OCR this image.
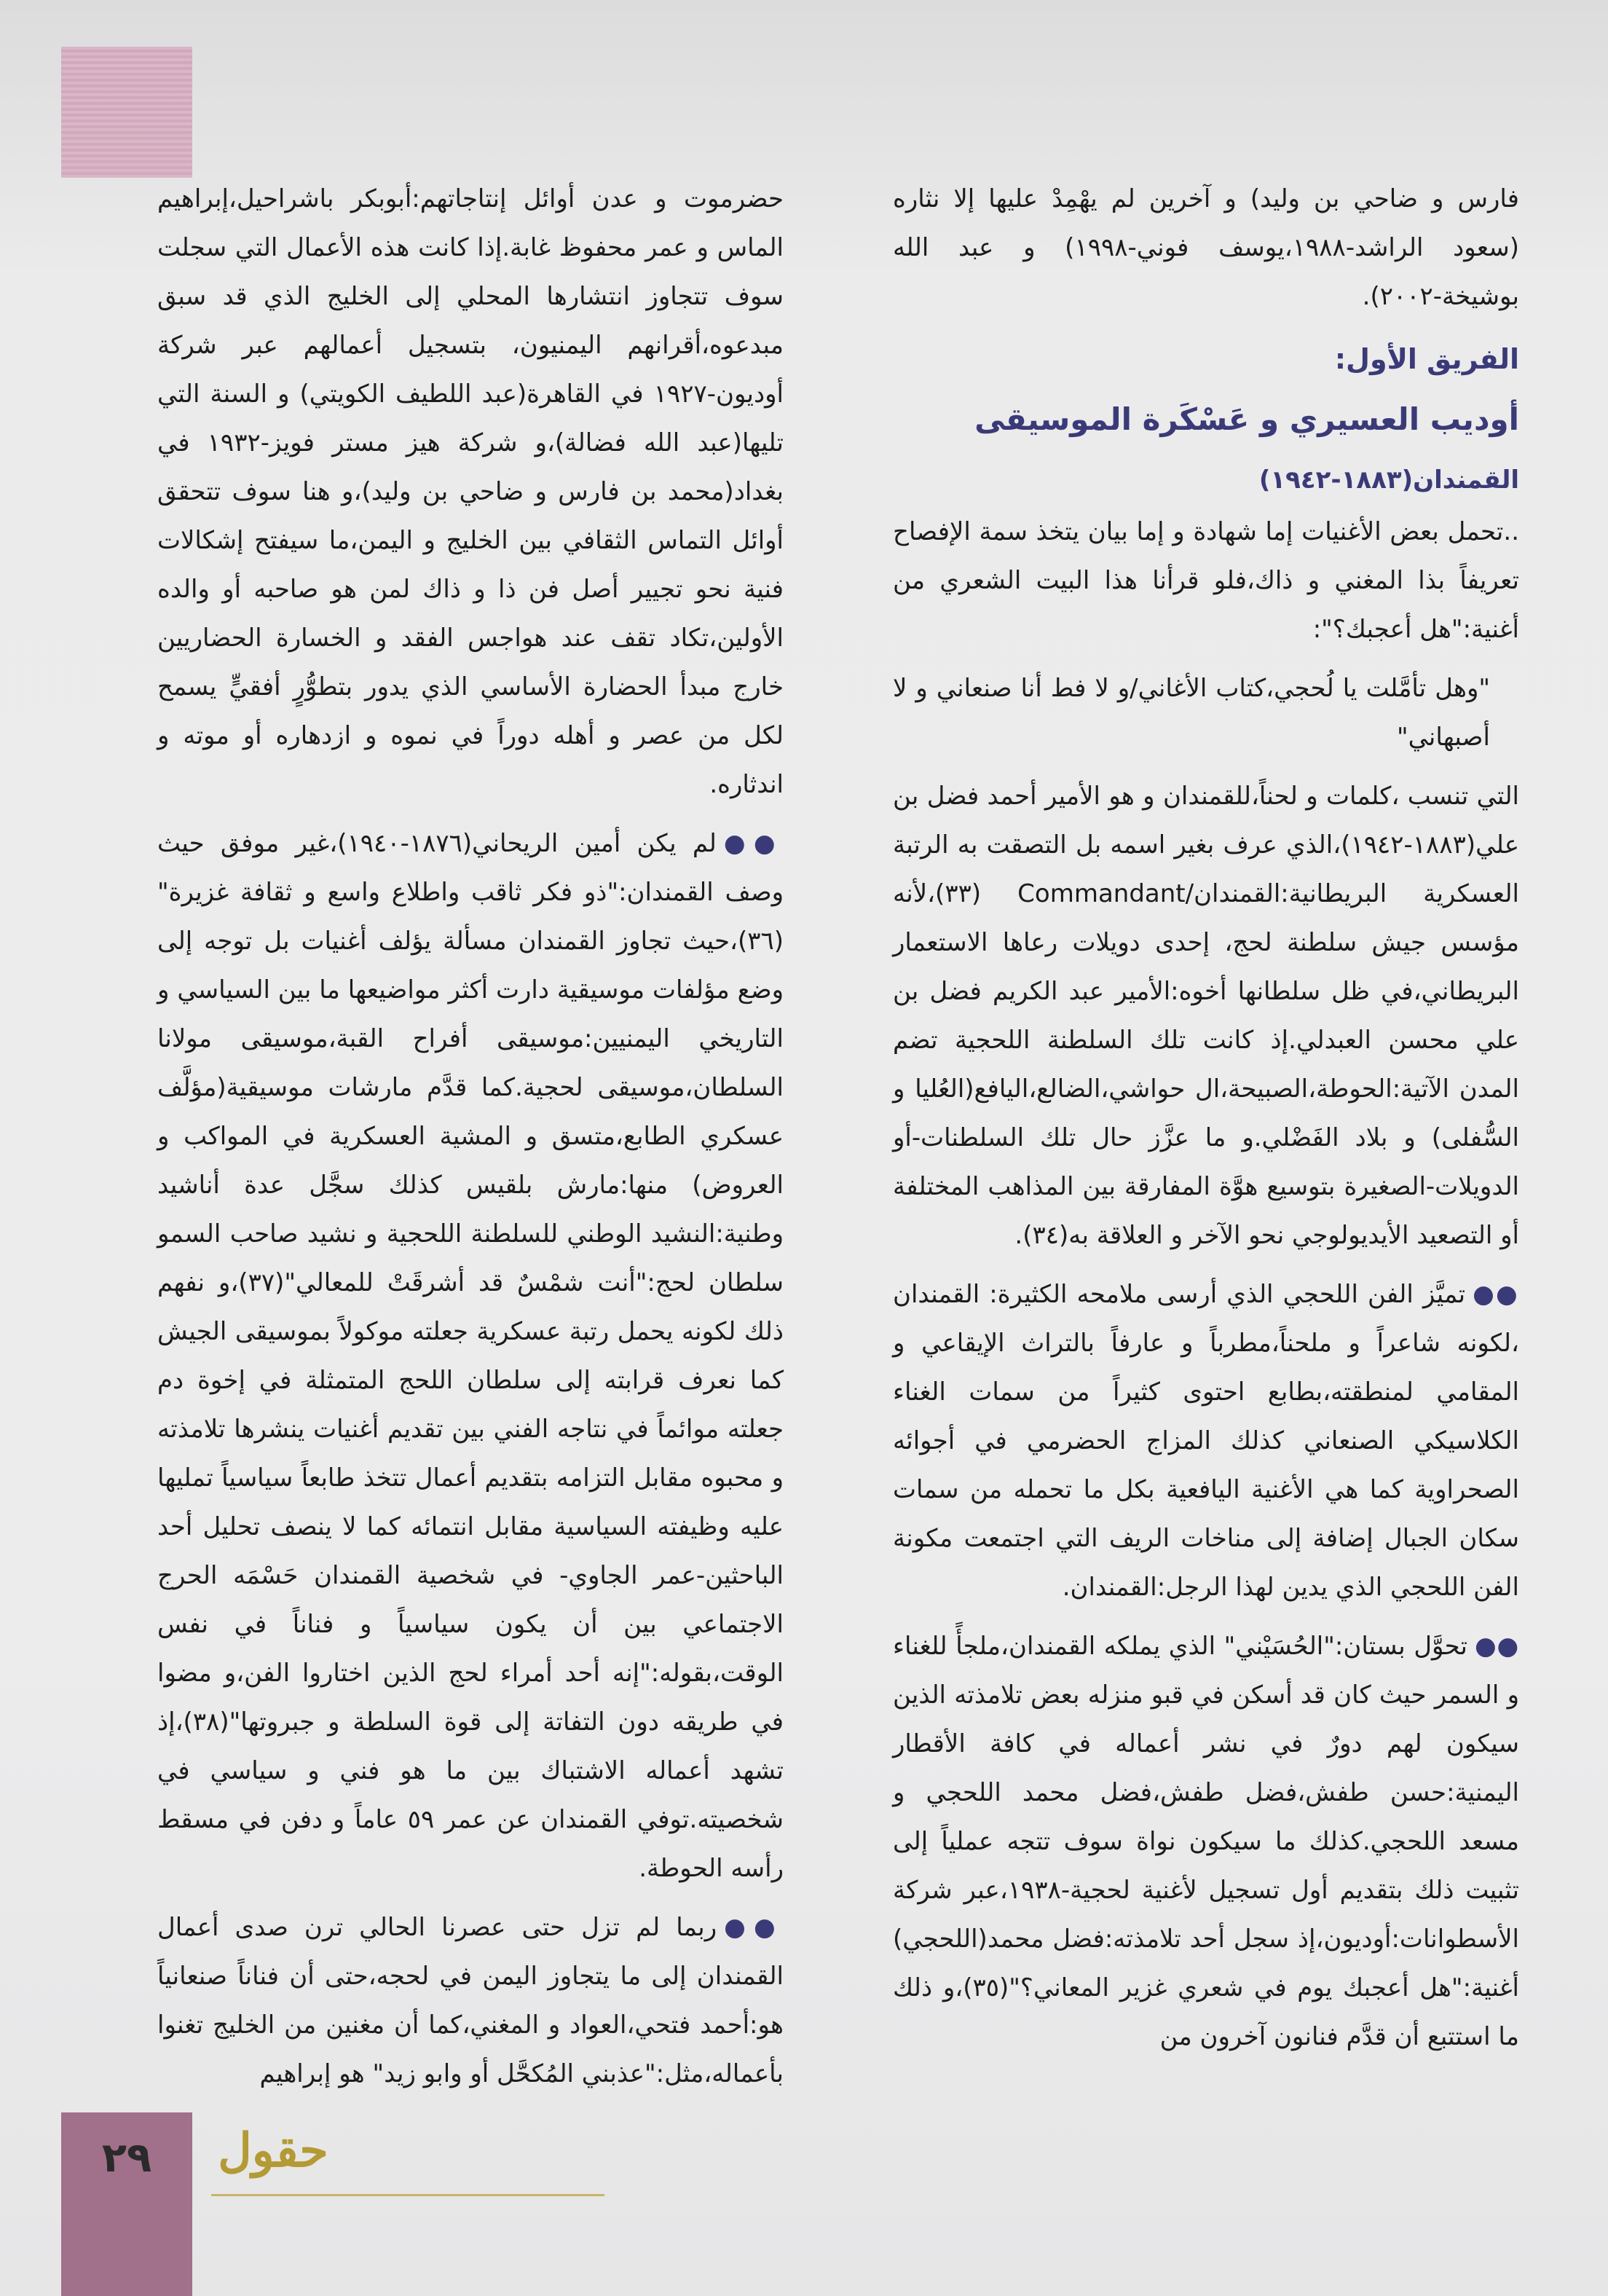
فارس و ضاحي بن وليد) و آخرين لم يهْمِدْ عليها إلا نثاره (سعود الراشد-١٩٨٨،يوسف فوني-١٩٩٨) و عبد الله بوشيخة-٢٠٠٢).

الفريق الأول:
أوديب العسيري و عَسْكَرة الموسيقى
القمندان(١٨٨٣-١٩٤٢)

..تحمل بعض الأغنيات إما شهادة و إما بيان يتخذ سمة الإفصاح تعريفاً بذا المغني و ذاك،فلو قرأنا هذا البيت الشعري من أغنية:"هل أعجبك؟":

"وهل تأمَّلت يا لُحجي،كتاب الأغاني/و لا فط أنا صنعاني و لا أصبهاني"

التي تنسب ،كلمات و لحناً،للقمندان و هو الأمير أحمد فضل بن علي(١٨٨٣-١٩٤٢)،الذي عرف بغير اسمه بل التصقت به الرتبة العسكرية البريطانية:القمندان/Commandant (٣٣)،لأنه مؤسس جيش سلطنة لحج، إحدى دويلات رعاها الاستعمار البريطاني،في ظل سلطانها أخوه:الأمير عبد الكريم فضل بن علي محسن العبدلي.إذ كانت تلك السلطنة اللحجية تضم المدن الآتية:الحوطة،الصبيحة،ال حواشي،الضالع،اليافع(العُليا و السُّفلى) و بلاد الفَضْلي.و ما عزَّز حال تلك السلطنات-أو الدويلات-الصغيرة بتوسيع هوَّة المفارقة بين المذاهب المختلفة أو التصعيد الأيديولوجي نحو الآخر و العلاقة به(٣٤).

●●تميَّز الفن اللحجي الذي أرسى ملامحه الكثيرة: القمندان ،لكونه شاعراً و ملحناً،مطرباً و عارفاً بالتراث الإيقاعي و المقامي لمنطقته،بطابع احتوى كثيراً من سمات الغناء الكلاسيكي الصنعاني كذلك المزاج الحضرمي في أجوائه الصحراوية كما هي الأغنية اليافعية بكل ما تحمله من سمات سكان الجبال إضافة إلى مناخات الريف التي اجتمعت مكونة الفن اللحجي الذي يدين لهذا الرجل:القمندان.

●●تحوَّل بستان:"الحُسَيْني" الذي يملكه القمندان،ملجأً للغناء و السمر حيث كان قد أسكن في قبو منزله بعض تلامذته الذين سيكون لهم دورٌ في نشر أعماله في كافة الأقطار اليمنية:حسن طفش،فضل طفش،فضل محمد اللحجي و مسعد اللحجي.كذلك ما سيكون نواة سوف تتجه عملياً إلى تثبيت ذلك بتقديم أول تسجيل لأغنية لحجية-١٩٣٨،عبر شركة الأسطوانات:أوديون،إذ سجل أحد تلامذته:فضل محمد(اللحجي) أغنية:"هل أعجبك يوم في شعري غزير المعاني؟"(٣٥)،و ذلك ما استتبع أن قدَّم فنانون آخرون من

حضرموت و عدن أوائل إنتاجاتهم:أبوبكر باشراحيل،إبراهيم الماس و عمر محفوظ غابة.إذا كانت هذه الأعمال التي سجلت سوف تتجاوز انتشارها المحلي إلى الخليج الذي قد سبق مبدعوه،أقرانهم اليمنيون، بتسجيل أعمالهم عبر شركة أوديون-١٩٢٧ في القاهرة(عبد اللطيف الكويتي) و السنة التي تليها(عبد الله فضالة)،و شركة هيز مستر فويز-١٩٣٢ في بغداد(محمد بن فارس و ضاحي بن وليد)،و هنا سوف تتحقق أوائل التماس الثقافي بين الخليج و اليمن،ما سيفتح إشكالات فنية نحو تجيير أصل فن ذا و ذاك لمن هو صاحبه أو والده الأولين،تكاد تقف عند هواجس الفقد و الخسارة الحضاريين خارج مبدأ الحضارة الأساسي الذي يدور بتطوُّرٍ أفقيٍّ يسمح لكل من عصر و أهله دوراً في نموه و ازدهاره أو موته و اندثاره.

●●لم يكن أمين الريحاني(١٨٧٦-١٩٤٠)،غير موفق حيث وصف القمندان:"ذو فكر ثاقب واطلاع واسع و ثقافة غزيرة"(٣٦)،حيث تجاوز القمندان مسألة يؤلف أغنيات بل توجه إلى وضع مؤلفات موسيقية دارت أكثر مواضيعها ما بين السياسي و التاريخي اليمنيين:موسيقى أفراح القبة،موسيقى مولانا السلطان،موسيقى لحجية.كما قدَّم مارشات موسيقية(مؤلَّف عسكري الطابع،متسق و المشية العسكرية في المواكب و العروض) منها:مارش بلقيس كذلك سجَّل عدة أناشيد وطنية:النشيد الوطني للسلطنة اللحجية و نشيد صاحب السمو سلطان لحج:"أنت شمْسٌ قد أشرقَتْ للمعالي"(٣٧)،و نفهم ذلك لكونه يحمل رتبة عسكرية جعلته موكولاً بموسيقى الجيش كما نعرف قرابته إلى سلطان اللحج المتمثلة في إخوة دم جعلته موائماً في نتاجه الفني بين تقديم أغنيات ينشرها تلامذته و محبوه مقابل التزامه بتقديم أعمال تتخذ طابعاً سياسياً تمليها عليه وظيفته السياسية مقابل انتمائه كما لا ينصف تحليل أحد الباحثين-عمر الجاوي- في شخصية القمندان حَسْمَه الحرج الاجتماعي بين أن يكون سياسياً و فناناً في نفس الوقت،بقوله:"إنه أحد أمراء لحج الذين اختاروا الفن،و مضوا في طريقه دون التفاتة إلى قوة السلطة و جبروتها"(٣٨)،إذ تشهد أعماله الاشتباك بين ما هو فني و سياسي في شخصيته.توفي القمندان عن عمر ٥٩ عاماً و دفن في مسقط رأسه الحوطة.

●●ربما لم تزل حتى عصرنا الحالي ترن صدى أعمال القمندان إلى ما يتجاوز اليمن في لحجه،حتى أن فناناً صنعانياً هو:أحمد فتحي،العواد و المغني،كما أن مغنين من الخليج تغنوا بأعماله،مثل:"عذبني المُكحَّل أو وابو زيد" هو إبراهيم

٢٩	حقول
